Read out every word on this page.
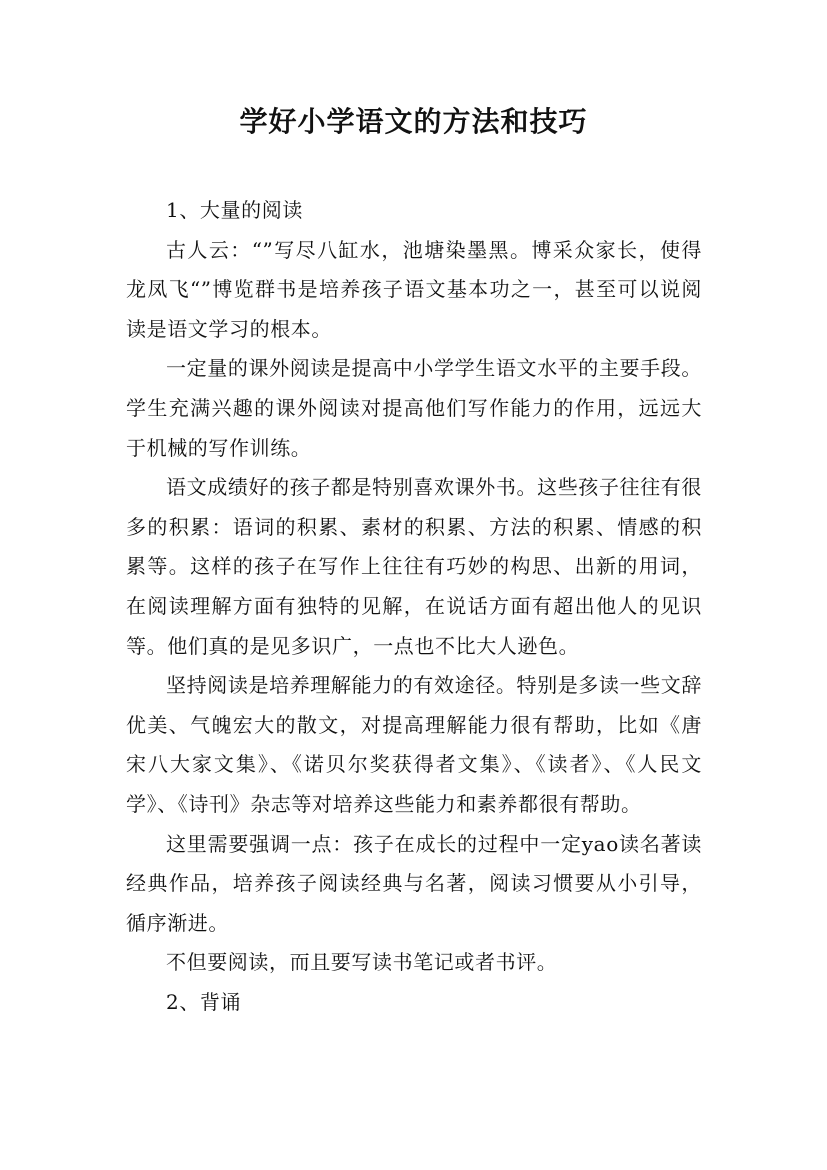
学好小学语文的方法和技巧

1、大量的阅读

古人云：“”写尽八缸水，池塘染墨黑。博采众家长，使得龙凤飞“”博览群书是培养孩子语文基本功之一，甚至可以说阅读是语文学习的根本。

一定量的课外阅读是提高中小学学生语文水平的主要手段。学生充满兴趣的课外阅读对提高他们写作能力的作用，远远大于机械的写作训练。

语文成绩好的孩子都是特别喜欢课外书。这些孩子往往有很多的积累：语词的积累、素材的积累、方法的积累、情感的积累等。这样的孩子在写作上往往有巧妙的构思、出新的用词，在阅读理解方面有独特的见解，在说话方面有超出他人的见识等。他们真的是见多识广，一点也不比大人逊色。

坚持阅读是培养理解能力的有效途径。特别是多读一些文辞优美、气魄宏大的散文，对提高理解能力很有帮助，比如《唐宋八大家文集》、《诺贝尔奖获得者文集》、《读者》、《人民文学》、《诗刊》杂志等对培养这些能力和素养都很有帮助。

这里需要强调一点：孩子在成长的过程中一定yao读名著读经典作品，培养孩子阅读经典与名著，阅读习惯要从小引导，循序渐进。

不但要阅读，而且要写读书笔记或者书评。

2、背诵
